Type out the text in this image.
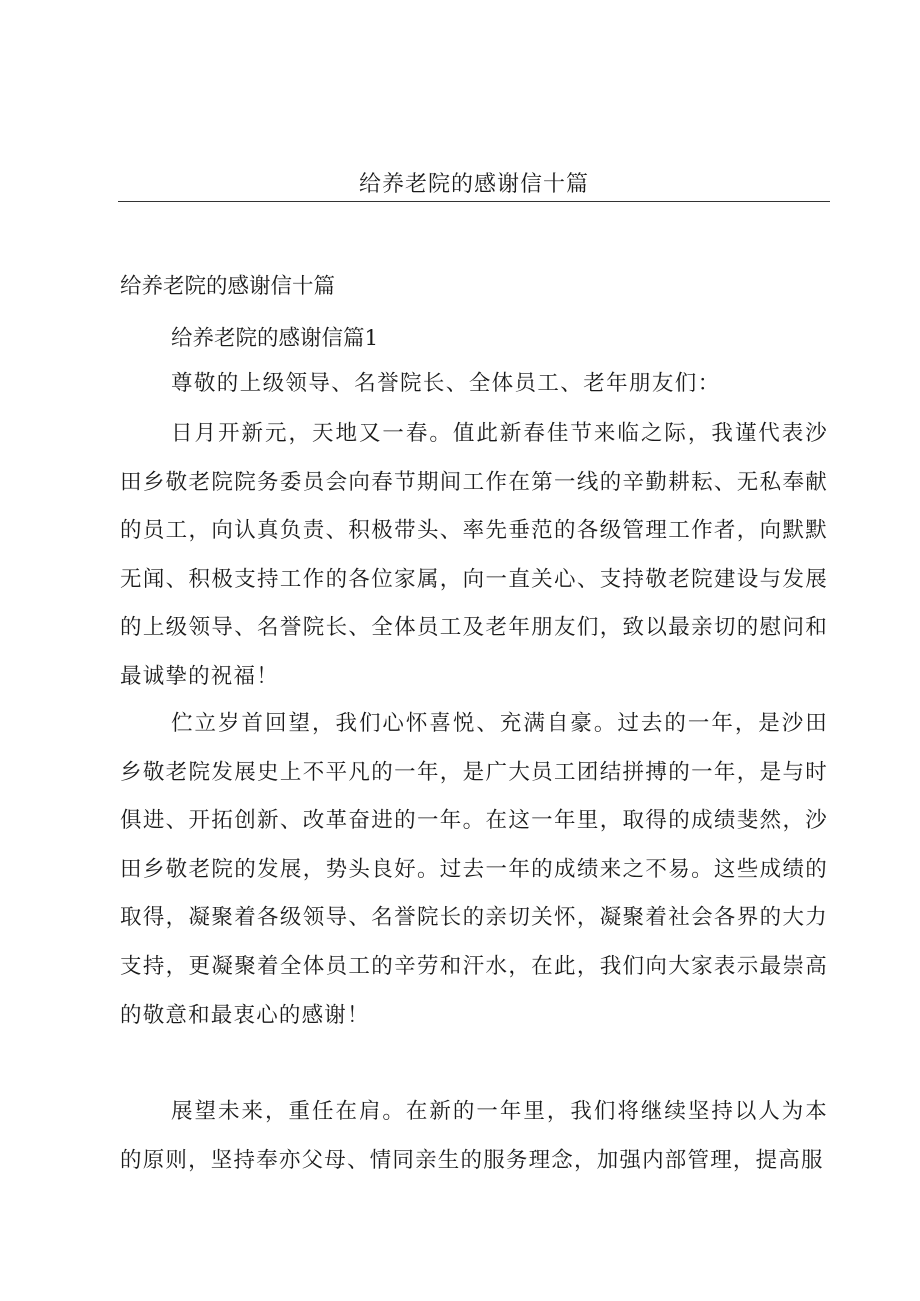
给养老院的感谢信十篇
给养老院的感谢信十篇
给养老院的感谢信篇1
尊敬的上级领导、名誉院长、全体员工、老年朋友们：
日月开新元，天地又一春。值此新春佳节来临之际，我谨代表沙田乡敬老院院务委员会向春节期间工作在第一线的辛勤耕耘、无私奉献的员工，向认真负责、积极带头、率先垂范的各级管理工作者，向默默无闻、积极支持工作的各位家属，向一直关心、支持敬老院建设与发展的上级领导、名誉院长、全体员工及老年朋友们，致以最亲切的慰问和最诚挚的祝福！
伫立岁首回望，我们心怀喜悦、充满自豪。过去的一年，是沙田乡敬老院发展史上不平凡的一年，是广大员工团结拼搏的一年，是与时俱进、开拓创新、改革奋进的一年。在这一年里，取得的成绩斐然，沙田乡敬老院的发展，势头良好。过去一年的成绩来之不易。这些成绩的取得，凝聚着各级领导、名誉院长的亲切关怀，凝聚着社会各界的大力支持，更凝聚着全体员工的辛劳和汗水，在此，我们向大家表示最崇高的敬意和最衷心的感谢！
展望未来，重任在肩。在新的一年里，我们将继续坚持以人为本的原则，坚持奉亦父母、情同亲生的服务理念，加强内部管理，提高服
